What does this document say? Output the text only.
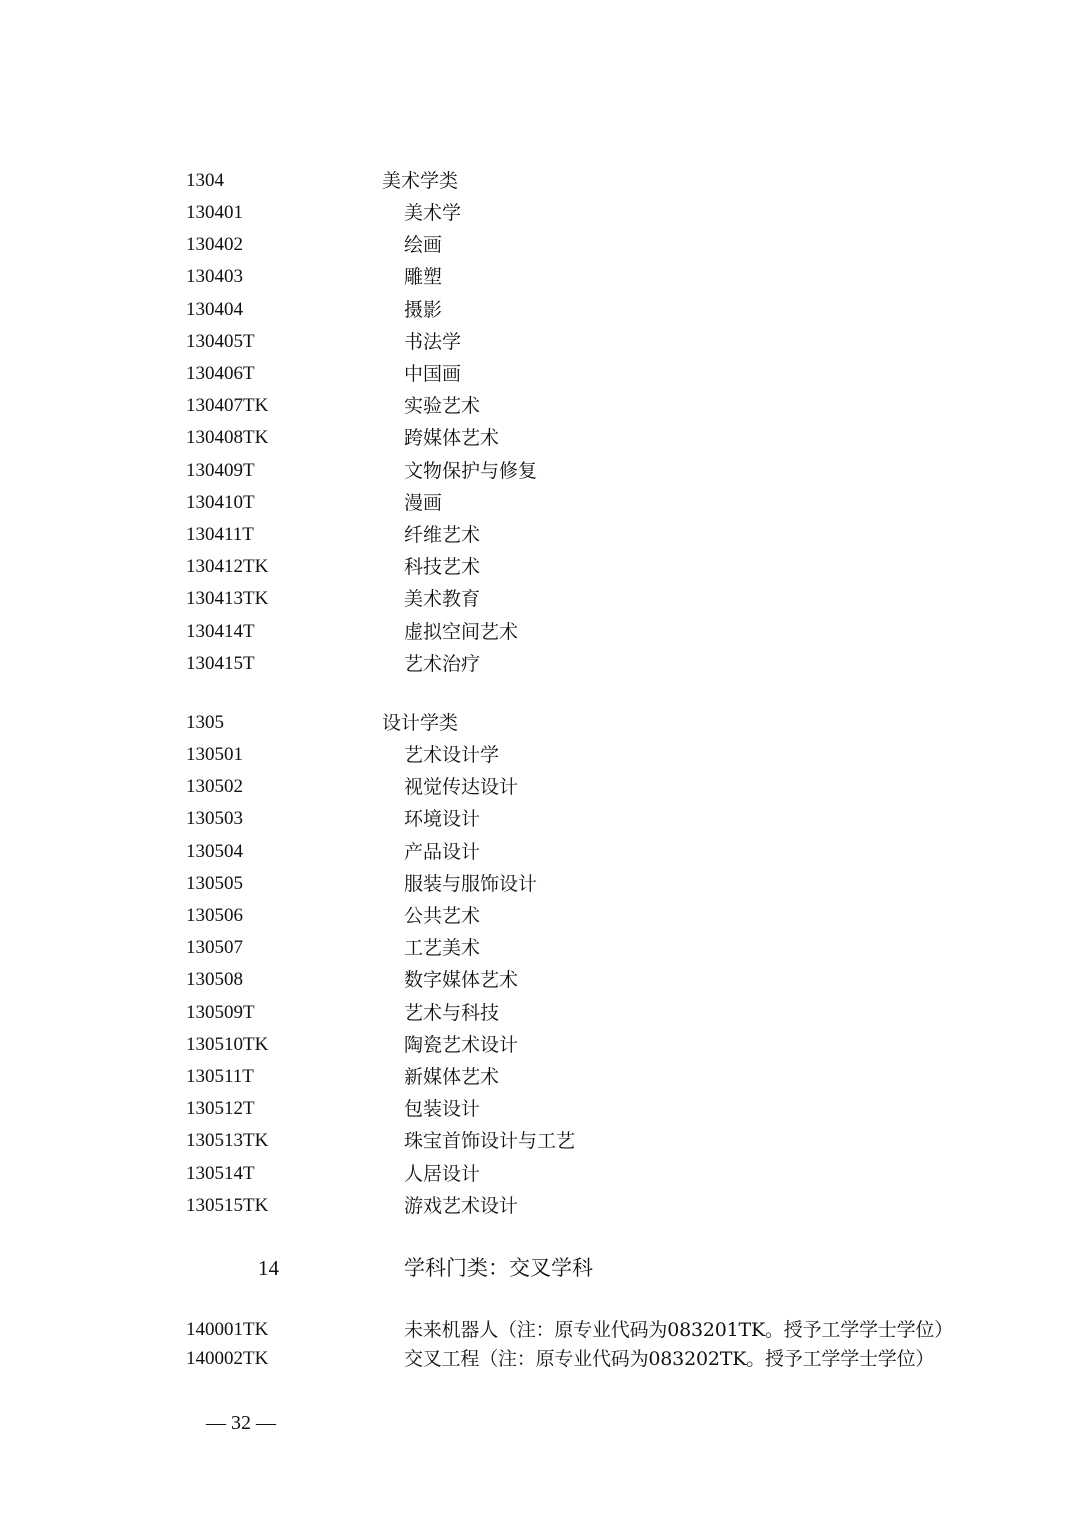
1304	美术学类
130401	美术学
130402	绘画
130403	雕塑
130404	摄影
130405T	书法学
130406T	中国画
130407TK	实验艺术
130408TK	跨媒体艺术
130409T	文物保护与修复
130410T	漫画
130411T	纤维艺术
130412TK	科技艺术
130413TK	美术教育
130414T	虚拟空间艺术
130415T	艺术治疗
1305	设计学类
130501	艺术设计学
130502	视觉传达设计
130503	环境设计
130504	产品设计
130505	服装与服饰设计
130506	公共艺术
130507	工艺美术
130508	数字媒体艺术
130509T	艺术与科技
130510TK	陶瓷艺术设计
130511T	新媒体艺术
130512T	包装设计
130513TK	珠宝首饰设计与工艺
130514T	人居设计
130515TK	游戏艺术设计
14	学科门类：交叉学科
140001TK	未来机器人（注：原专业代码为083201TK。授予工学学士学位）
140002TK	交叉工程（注：原专业代码为083202TK。授予工学学士学位）
— 32 —
